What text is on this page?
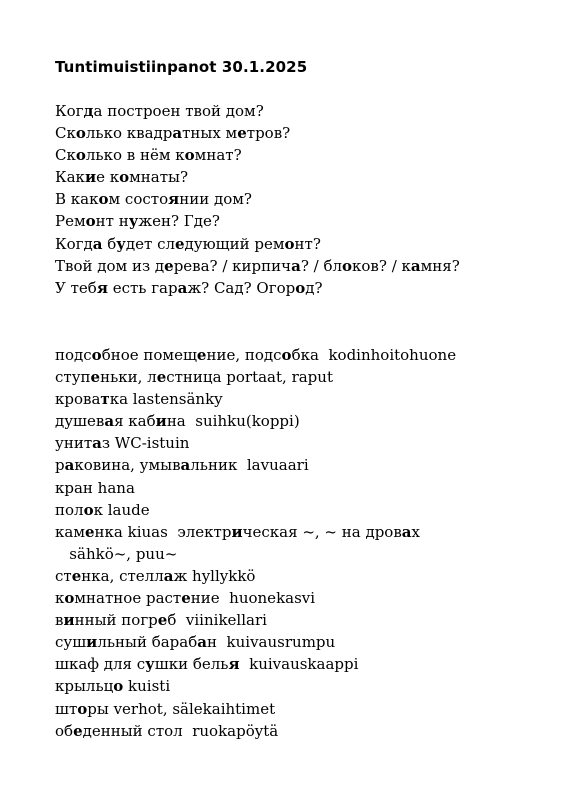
Tuntimuistiinpanot 30.1.2025
Когда построен твой дом?
Сколько квадратных метров?
Сколько в нём комнат?
Какие комнаты?
В каком состоянии дом?
Ремонт нужен? Где?
Когда будет следующий ремонт?
Твой дом из дерева? / кирпича? / блоков? / камня?
У тебя есть гараж? Сад? Огород?
подсобное помещение, подсобка  kodinhoitohuone
ступеньки, лестница portaat, raput
кроватка lastensänky
душевая кабина  suihku(koppi)
унитаз WC-istuin
раковина, умывальник  lavuaari
кран hana
полок laude
каменка kiuas  электрическая ~, ~ на дровах
sähkö~, puu~
стенка, стеллаж hyllykkö
комнатное растение  huonekasvi
винный погреб  viinikellari
сушильный барабан  kuivausrumpu
шкаф для сушки белья  kuivauskaappi
крыльцо kuisti
шторы verhot, sälekaihtimet
обеденный стол  ruokapöytä
